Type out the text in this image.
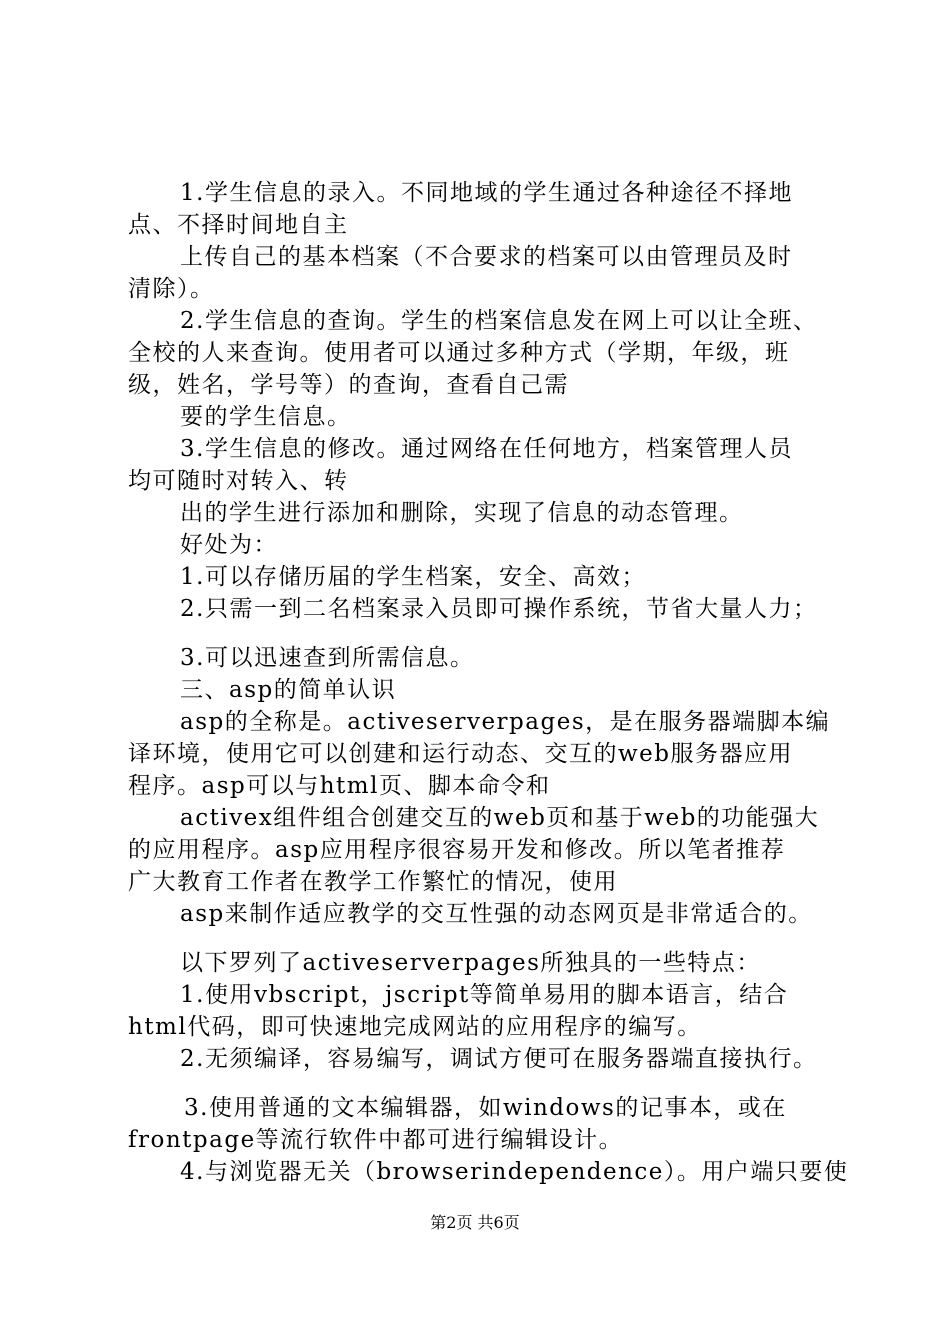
1.学生信息的录入。不同地域的学生通过各种途径不择地
点、不择时间地自主
上传自己的基本档案（不合要求的档案可以由管理员及时
清除）。
2.学生信息的查询。学生的档案信息发在网上可以让全班、
全校的人来查询。使用者可以通过多种方式（学期，年级，班
级，姓名，学号等）的查询，查看自己需
要的学生信息。
3.学生信息的修改。通过网络在任何地方，档案管理人员
均可随时对转入、转
出的学生进行添加和删除，实现了信息的动态管理。
好处为：
1.可以存储历届的学生档案，安全、高效；
2.只需一到二名档案录入员即可操作系统，节省大量人力；
3.可以迅速查到所需信息。
三、asp的简单认识
asp的全称是。activeserverpages，是在服务器端脚本编
译环境，使用它可以创建和运行动态、交互的web服务器应用
程序。asp可以与html页、脚本命令和
activex组件组合创建交互的web页和基于web的功能强大
的应用程序。asp应用程序很容易开发和修改。所以笔者推荐
广大教育工作者在教学工作繁忙的情况，使用
asp来制作适应教学的交互性强的动态网页是非常适合的。
以下罗列了activeserverpages所独具的一些特点：
1.使用vbscript，jscript等简单易用的脚本语言，结合
html代码，即可快速地完成网站的应用程序的编写。
2.无须编译，容易编写，调试方便可在服务器端直接执行。
3.使用普通的文本编辑器，如windows的记事本，或在
frontpage等流行软件中都可进行编辑设计。
4.与浏览器无关（browserindependence）。用户端只要使
第2页 共6页
